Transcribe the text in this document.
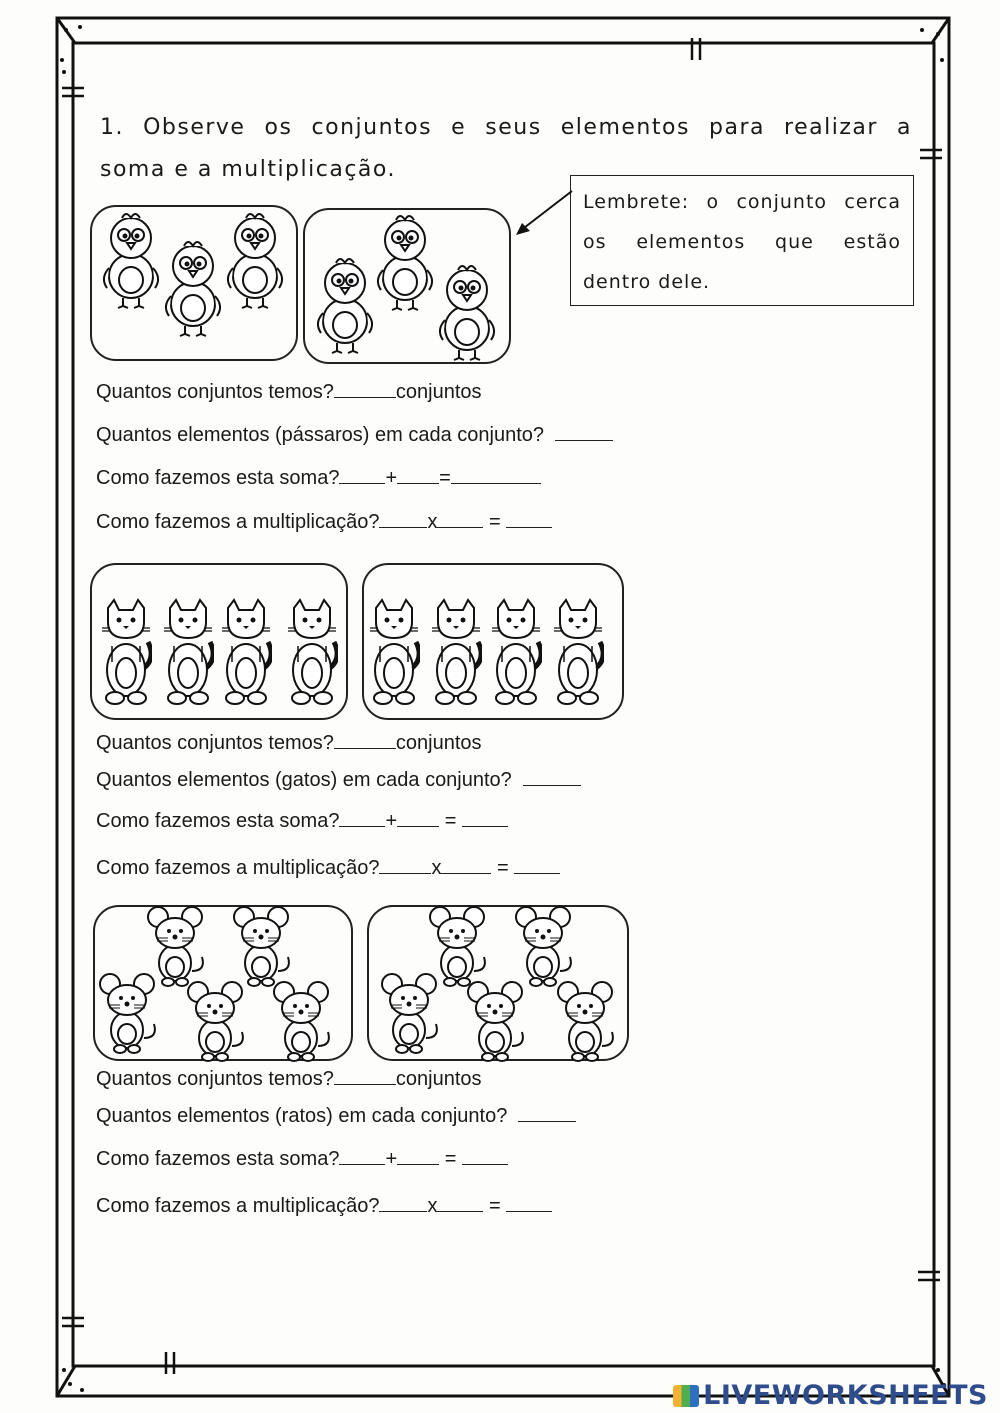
1. Observe os conjuntos e seus elementos para realizar a
soma e a multiplicação.
Lembrete: o conjunto cerca
os elementos que estão
dentro dele.
Quantos conjuntos temos?	conjuntos
Quantos elementos (pássaros) em cada conjunto?
Como fazemos esta soma? + =
Como fazemos a multiplicação? x	=
Quantos conjuntos temos?	conjuntos
Quantos elementos (gatos) em cada conjunto?
Como fazemos esta soma? + =
Como fazemos a multiplicação?	x	=
Quantos conjuntos temos?	conjuntos
Quantos elementos (ratos) em cada conjunto?
Como fazemos esta soma? + =
Como fazemos a multiplicação? x	=
LIVEWORKSHEETS
